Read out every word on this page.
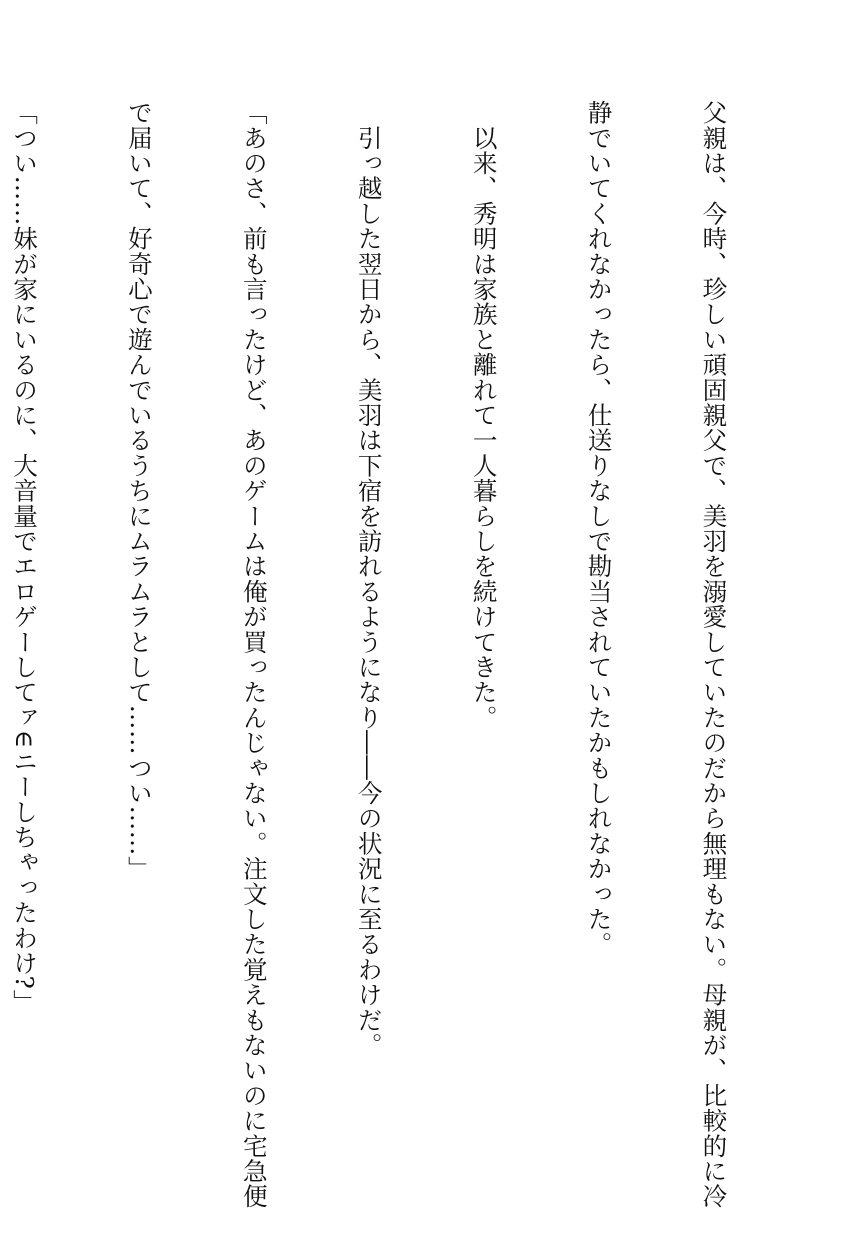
父親は、今時、珍しい頑固親父で、美羽を溺愛していたのだから無理もない。母親が、比較的に冷

静でいてくれなかったら、仕送りなしで勘当されていたかもしれなかった。

　以来、秀明は家族と離れて一人暮らしを続けてきた。

　引っ越した翌日から、美羽は下宿を訪れるようになり――今の状況に至るわけだ。

「あのさ、前も言ったけど、あのゲームは俺が買ったんじゃない。注文した覚えもないのに宅急便

で届いて、好奇心で遊んでいるうちにムラムラとして……つい……」

「つい……妹が家にいるのに、大音量でエロゲーしてァ∈ニーしちゃったわけ?」
